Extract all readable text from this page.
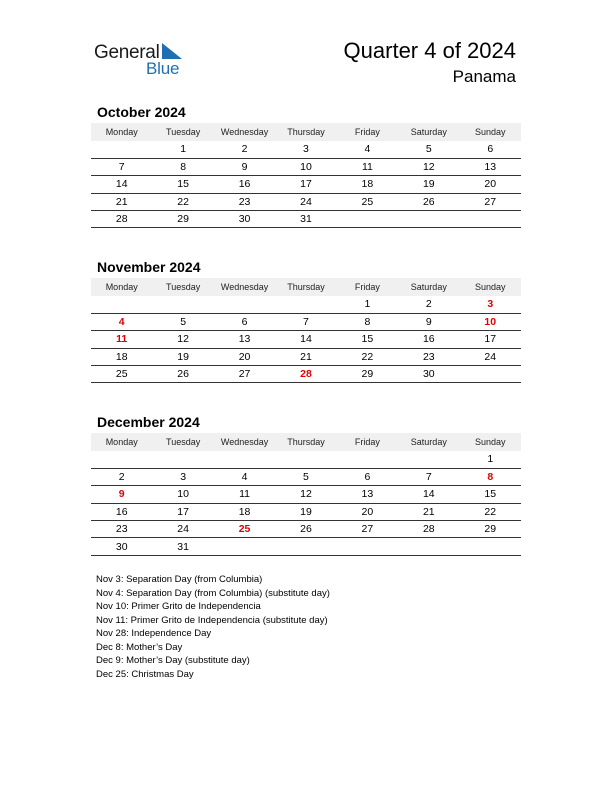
General
Blue
Quarter 4 of 2024
Panama
October 2024
Monday	Tuesday	Wednesday	Thursday	Friday	Saturday	Sunday
	1	2	3	4	5	6
7	8	9	10	11	12	13
14	15	16	17	18	19	20
21	22	23	24	25	26	27
28	29	30	31			
November 2024
Monday	Tuesday	Wednesday	Thursday	Friday	Saturday	Sunday
				1	2	3
4	5	6	7	8	9	10
11	12	13	14	15	16	17
18	19	20	21	22	23	24
25	26	27	28	29	30	
December 2024
Monday	Tuesday	Wednesday	Thursday	Friday	Saturday	Sunday
						1
2	3	4	5	6	7	8
9	10	11	12	13	14	15
16	17	18	19	20	21	22
23	24	25	26	27	28	29
30	31					
Nov 3: Separation Day (from Columbia)
Nov 4: Separation Day (from Columbia) (substitute day)
Nov 10: Primer Grito de Independencia
Nov 11: Primer Grito de Independencia (substitute day)
Nov 28: Independence Day
Dec 8: Mother’s Day
Dec 9: Mother’s Day (substitute day)
Dec 25: Christmas Day
